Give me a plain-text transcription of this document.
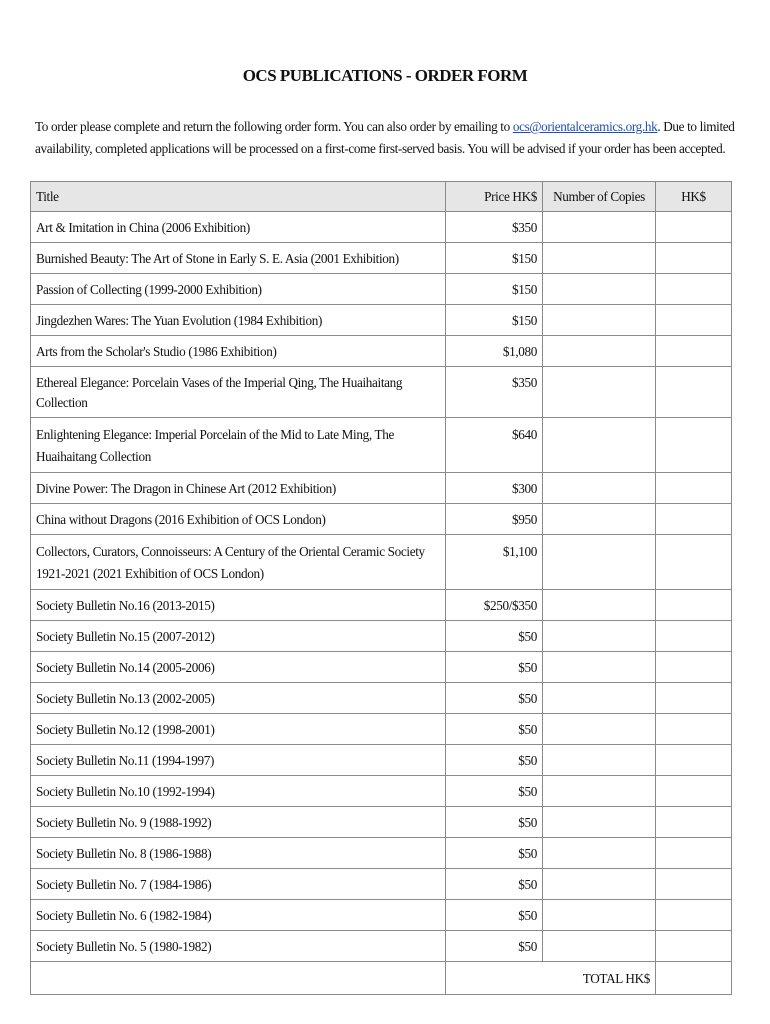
OCS PUBLICATIONS - ORDER FORM
To order please complete and return the following order form. You can also order by emailing to ocs@orientalceramics.org.hk. Due to limited availability, completed applications will be processed on a first-come first-served basis. You will be advised if your order has been accepted.
Title	Price HK$	Number of Copies	HK$
Art & Imitation in China (2006 Exhibition)	$350		
Burnished Beauty: The Art of Stone in Early S. E. Asia (2001 Exhibition)	$150		
Passion of Collecting (1999-2000 Exhibition)	$150		
Jingdezhen Wares: The Yuan Evolution (1984 Exhibition)	$150		
Arts from the Scholar's Studio (1986 Exhibition)	$1,080		
Ethereal Elegance: Porcelain Vases of the Imperial Qing, The Huaihaitang Collection	$350		
Enlightening Elegance: Imperial Porcelain of the Mid to Late Ming, The Huaihaitang Collection	$640		
Divine Power: The Dragon in Chinese Art (2012 Exhibition)	$300		
China without Dragons (2016 Exhibition of OCS London)	$950		
Collectors, Curators, Connoisseurs: A Century of the Oriental Ceramic Society 1921-2021 (2021 Exhibition of OCS London)	$1,100		
Society Bulletin No.16 (2013-2015)	$250/$350		
Society Bulletin No.15 (2007-2012)	$50		
Society Bulletin No.14 (2005-2006)	$50		
Society Bulletin No.13 (2002-2005)	$50		
Society Bulletin No.12 (1998-2001)	$50		
Society Bulletin No.11 (1994-1997)	$50		
Society Bulletin No.10 (1992-1994)	$50		
Society Bulletin No. 9 (1988-1992)	$50		
Society Bulletin No. 8 (1986-1988)	$50		
Society Bulletin No. 7 (1984-1986)	$50		
Society Bulletin No. 6 (1982-1984)	$50		
Society Bulletin No. 5 (1980-1982)	$50		
	TOTAL HK$		
